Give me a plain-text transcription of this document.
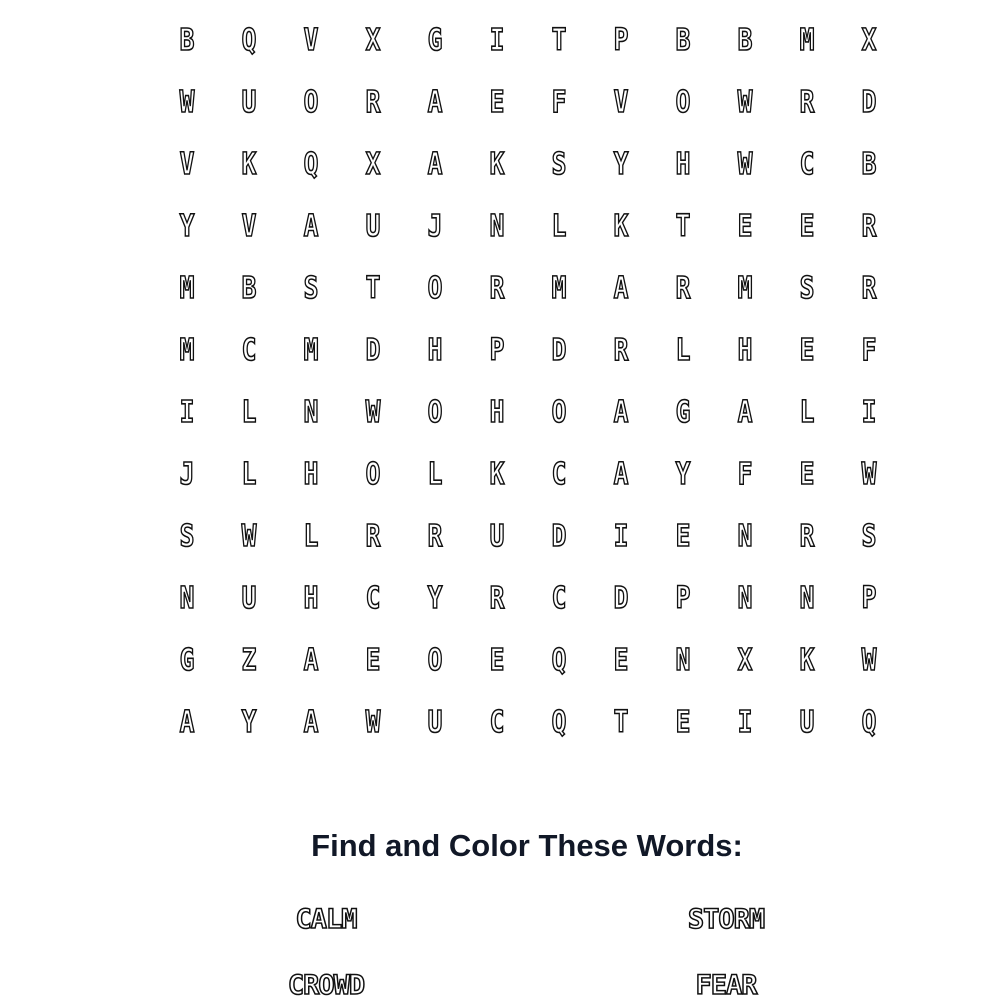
B	Q	V	X	G	I	T	P	B	B	M	X
W	U	O	R	A	E	F	V	O	W	R	D
V	K	Q	X	A	K	S	Y	H	W	C	B
Y	V	A	U	J	N	L	K	T	E	E	R
M	B	S	T	O	R	M	A	R	M	S	R
M	C	M	D	H	P	D	R	L	H	E	F
I	L	N	W	O	H	O	A	G	A	L	I
J	L	H	O	L	K	C	A	Y	F	E	W
S	W	L	R	R	U	D	I	E	N	R	S
N	U	H	C	Y	R	C	D	P	N	N	P
G	Z	A	E	O	E	Q	E	N	X	K	W
A	Y	A	W	U	C	Q	T	E	I	U	Q
Find and Color These Words:
CALM	STORM
CROWD	FEAR
